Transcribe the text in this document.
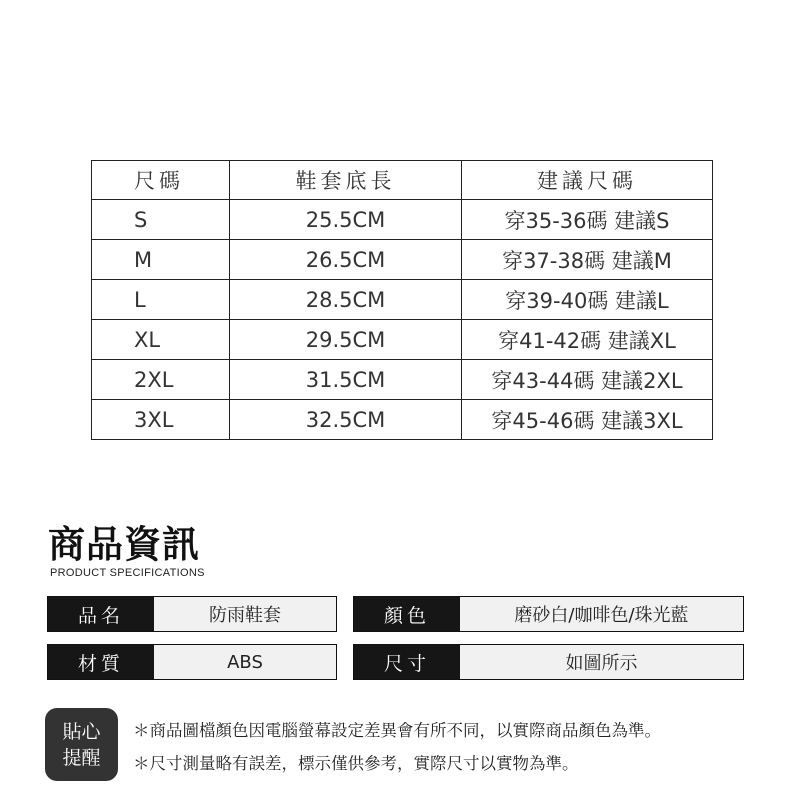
尺碼	鞋套底長	建議尺碼
S	25.5CM	穿35-36碼 建議S
M	26.5CM	穿37-38碼 建議M
L	28.5CM	穿39-40碼 建議L
XL	29.5CM	穿41-42碼 建議XL
2XL	31.5CM	穿43-44碼 建議2XL
3XL	32.5CM	穿45-46碼 建議3XL
商品資訊
PRODUCT SPECIFICATIONS
品名	防雨鞋套	顏色	磨砂白/咖啡色/珠光藍
材質	ABS	尺寸	如圖所示
貼心
提醒
＊商品圖檔顏色因電腦螢幕設定差異會有所不同，以實際商品顏色為準。
＊尺寸測量略有誤差，標示僅供參考，實際尺寸以實物為準。
